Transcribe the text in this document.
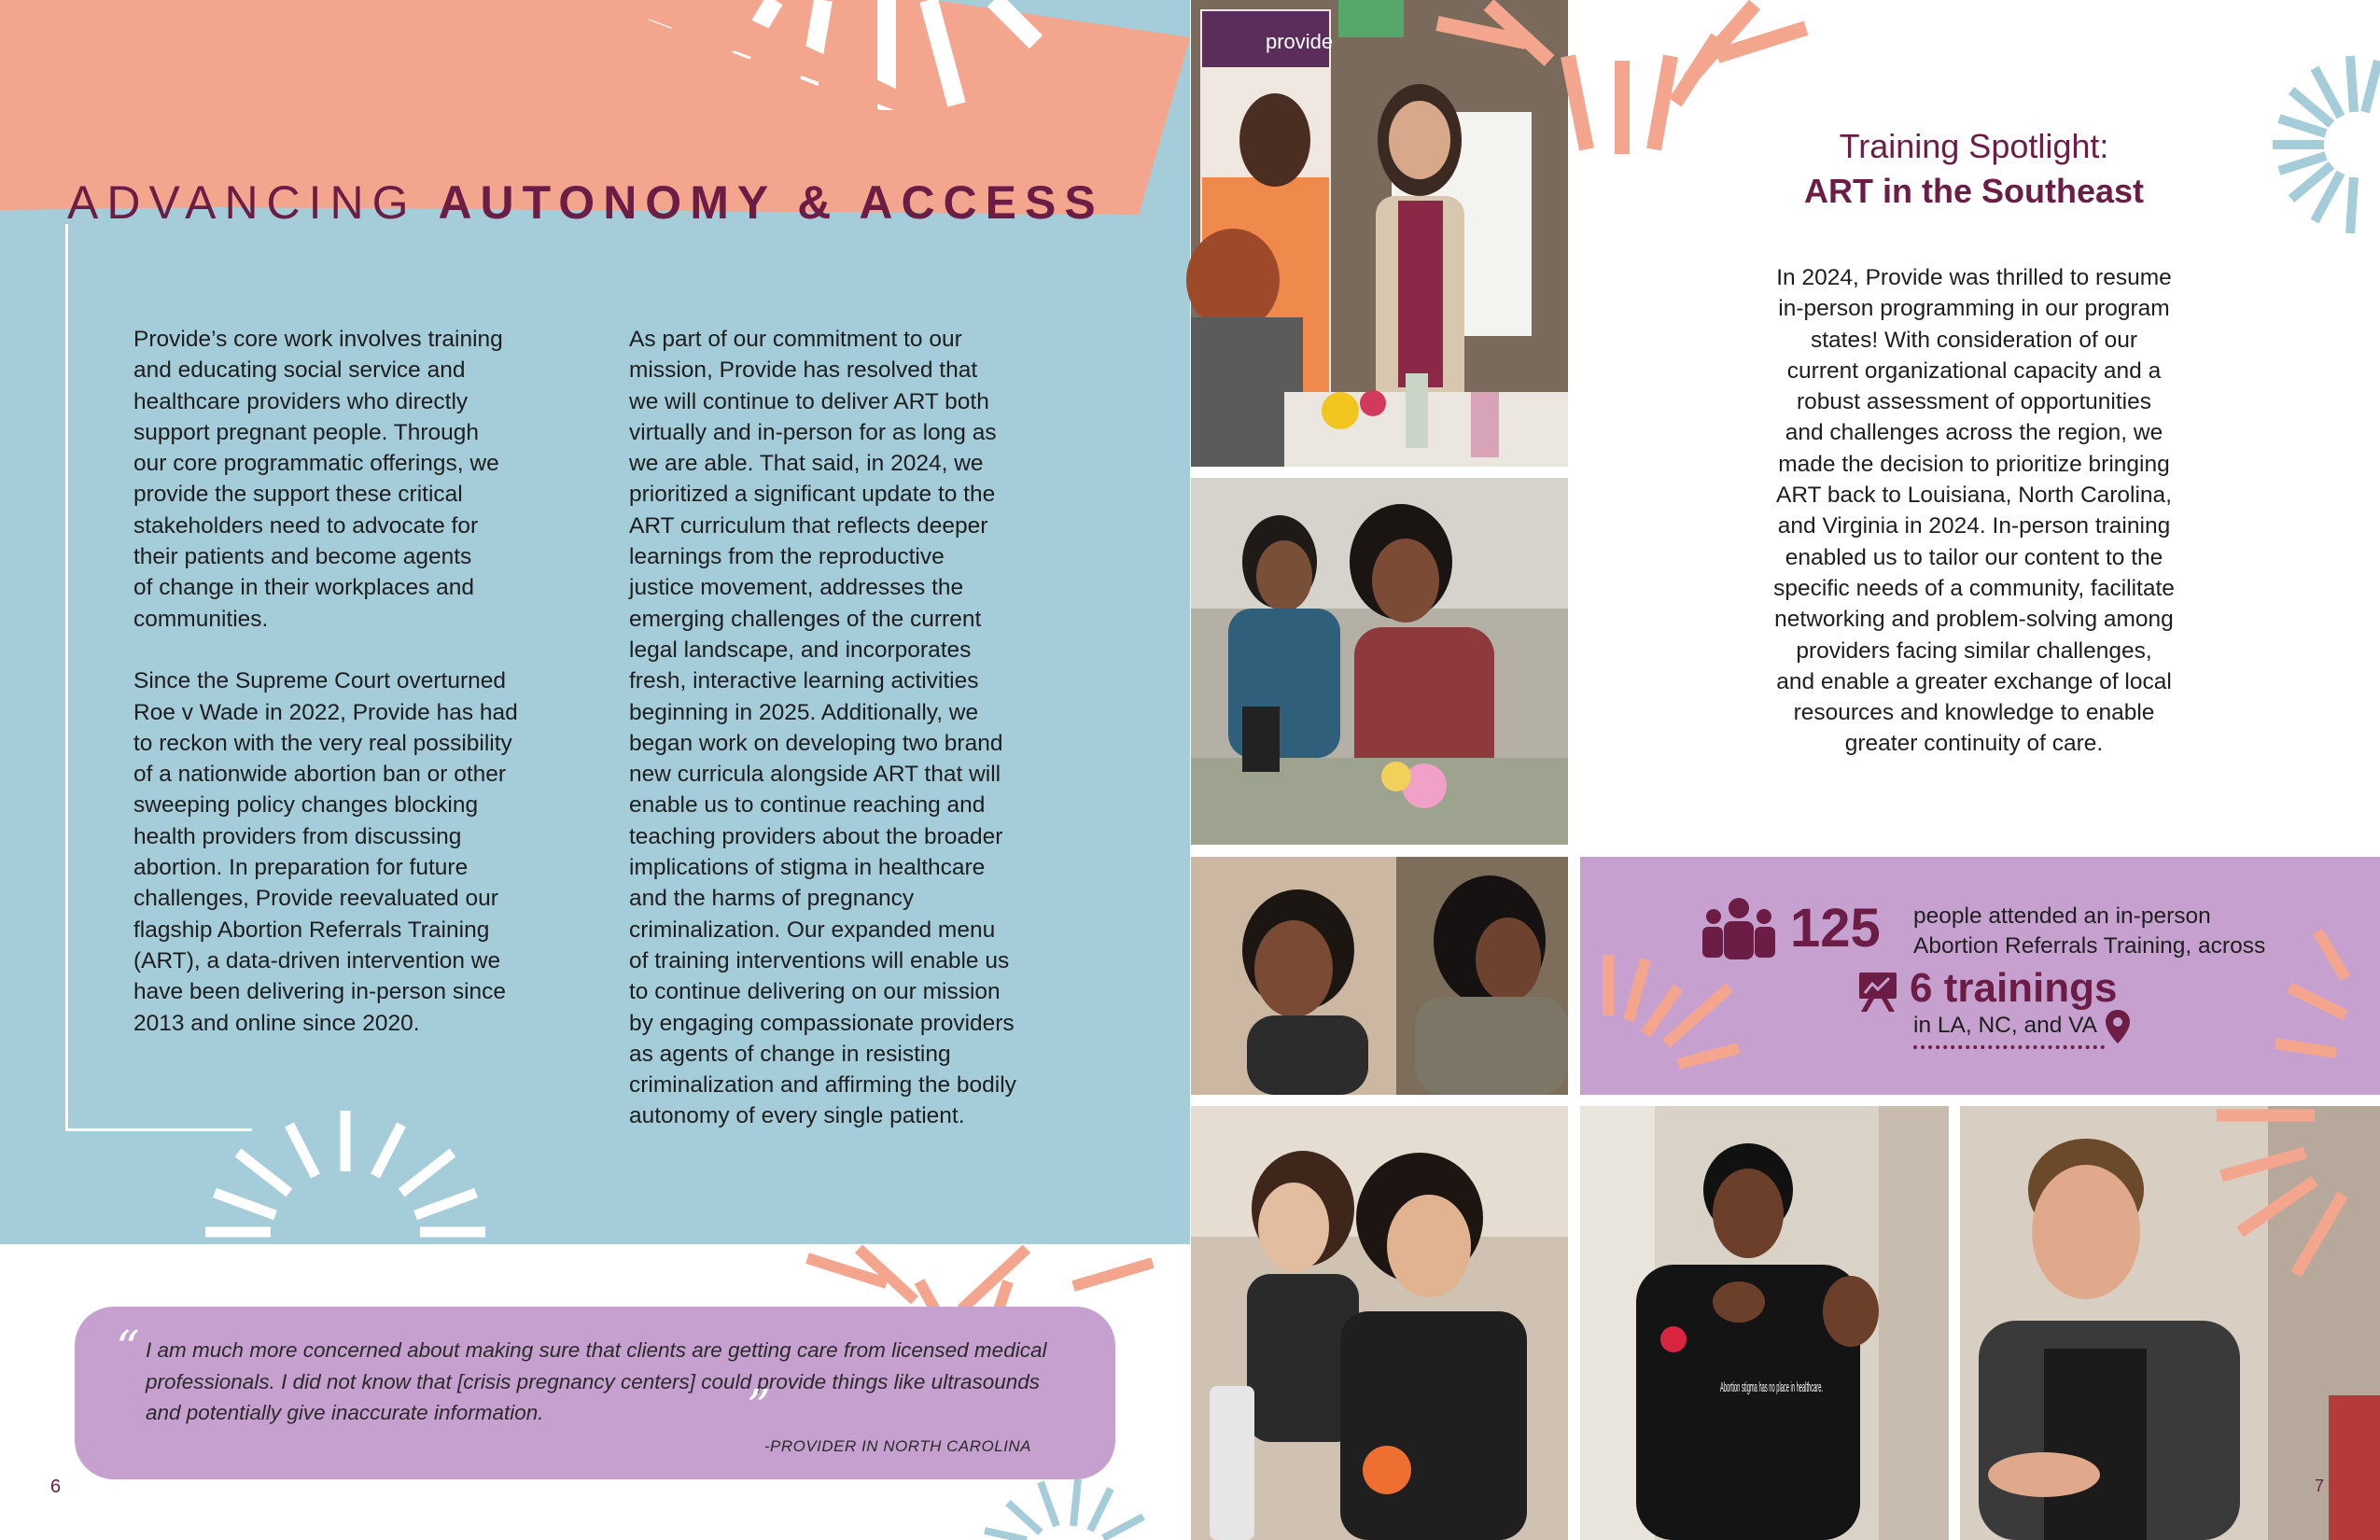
ADVANCING AUTONOMY & ACCESS
Provide’s core work involves training
and educating social service and
healthcare providers who directly
support pregnant people. Through
our core programmatic offerings, we
provide the support these critical
stakeholders need to advocate for
their patients and become agents
of change in their workplaces and
communities.

Since the Supreme Court overturned
Roe v Wade in 2022, Provide has had
to reckon with the very real possibility
of a nationwide abortion ban or other
sweeping policy changes blocking
health providers from discussing
abortion. In preparation for future
challenges, Provide reevaluated our
flagship Abortion Referrals Training
(ART), a data-driven intervention we
have been delivering in-person since
2013 and online since 2020.
As part of our commitment to our
mission, Provide has resolved that
we will continue to deliver ART both
virtually and in-person for as long as
we are able. That said, in 2024, we
prioritized a significant update to the
ART curriculum that reflects deeper
learnings from the reproductive
justice movement, addresses the
emerging challenges of the current
legal landscape, and incorporates
fresh, interactive learning activities
beginning in 2025. Additionally, we
began work on developing two brand
new curricula alongside ART that will
enable us to continue reaching and
teaching providers about the broader
implications of stigma in healthcare
and the harms of pregnancy
criminalization. Our expanded menu
of training interventions will enable us
to continue delivering on our mission
by engaging compassionate providers
as agents of change in resisting
criminalization and affirming the bodily
autonomy of every single patient.
“ I am much more concerned about making sure that clients are getting care from licensed medical professionals. I did not know that [crisis pregnancy centers] could provide things like ultrasounds and potentially give inaccurate information.	”
-PROVIDER IN NORTH CAROLINA
6
provide
Abortion stigma has no place in healthcare.
Training Spotlight:
ART in the Southeast
In 2024, Provide was thrilled to resume
in-person programming in our program
states! With consideration of our
current organizational capacity and a
robust assessment of opportunities
and challenges across the region, we
made the decision to prioritize bringing
ART back to Louisiana, North Carolina,
and Virginia in 2024. In-person training
enabled us to tailor our content to the
specific needs of a community, facilitate
networking and problem-solving among
providers facing similar challenges,
and enable a greater exchange of local
resources and knowledge to enable
greater continuity of care.
125 people attended an in-person
Abortion Referrals Training, across
6 trainings
in LA, NC, and VA
7
